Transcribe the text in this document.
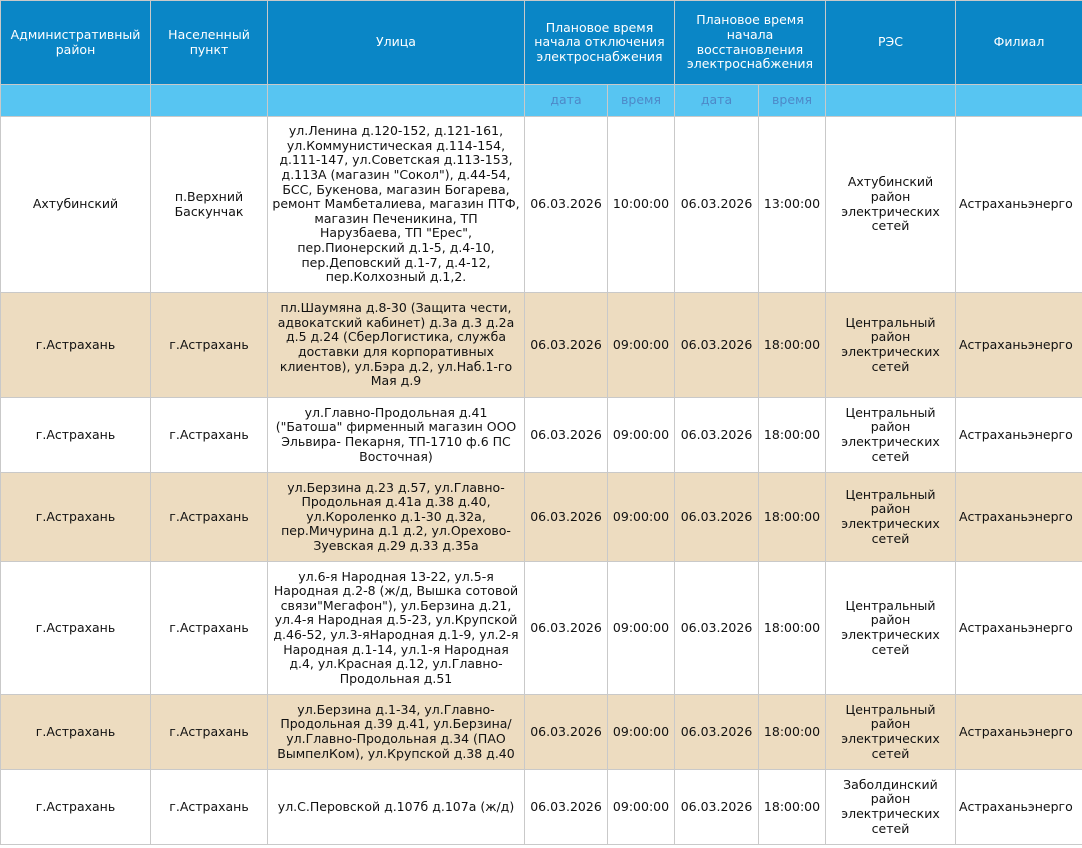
Административный район	Населенный пункт	Улица	Плановое время начала отключения электроснабжения		Плановое время начала восстановления электроснабжения		РЭС	Филиал
			дата	время	дата	время		
Ахтубинский	п.Верхний Баскунчак	ул.Ленина д.120-152, д.121-161, ул.Коммунистическая д.114-154, д.111-147, ул.Советская д.113-153, д.113А (магазин "Сокол"), д.44-54, БСС, Букенова, магазин Богарева, ремонт Мамбеталиева, магазин ПТФ, магазин Печеникина, ТП Нарузбаева, ТП "Ерес", пер.Пионерский д.1-5, д.4-10, пер.Деповский д.1-7, д.4-12, пер.Колхозный д.1,2.	06.03.2026	10:00:00	06.03.2026	13:00:00	Ахтубинский район электрических сетей	Астраханьэнерго
г.Астрахань	г.Астрахань	пл.Шаумяна д.8-30 (Защита чести, адвокатский кабинет) д.3а д.3 д.2а д.5 д.24 (СберЛогистика, служба доставки для корпоративных клиентов), ул.Бэра д.2, ул.Наб.1-го Мая д.9	06.03.2026	09:00:00	06.03.2026	18:00:00	Центральный район электрических сетей	Астраханьэнерго
г.Астрахань	г.Астрахань	ул.Главно-Продольная д.41 ("Батоша" фирменный магазин ООО Эльвира- Пекарня, ТП-1710 ф.6 ПС Восточная)	06.03.2026	09:00:00	06.03.2026	18:00:00	Центральный район электрических сетей	Астраханьэнерго
г.Астрахань	г.Астрахань	ул.Берзина д.23 д.57, ул.Главно-Продольная д.41а д.38 д.40, ул.Короленко д.1-30 д.32а, пер.Мичурина д.1 д.2, ул.Орехово-Зуевская д.29 д.33 д.35а	06.03.2026	09:00:00	06.03.2026	18:00:00	Центральный район электрических сетей	Астраханьэнерго
г.Астрахань	г.Астрахань	ул.6-я Народная 13-22, ул.5-я Народная д.2-8 (ж/д, Вышка сотовой связи"Мегафон"), ул.Берзина д.21, ул.4-я Народная д.5-23, ул.Крупской д.46-52, ул.3-яНародная д.1-9, ул.2-я Народная д.1-14, ул.1-я Народная д.4, ул.Красная д.12, ул.Главно-Продольная д.51	06.03.2026	09:00:00	06.03.2026	18:00:00	Центральный район электрических сетей	Астраханьэнерго
г.Астрахань	г.Астрахань	ул.Берзина д.1-34, ул.Главно-Продольная д.39 д.41, ул.Берзина/ ул.Главно-Продольная д.34 (ПАО ВымпелКом), ул.Крупской д.38 д.40	06.03.2026	09:00:00	06.03.2026	18:00:00	Центральный район электрических сетей	Астраханьэнерго
г.Астрахань	г.Астрахань	ул.С.Перовской д.107б д.107а (ж/д)	06.03.2026	09:00:00	06.03.2026	18:00:00	Заболдинский район электрических сетей	Астраханьэнерго
